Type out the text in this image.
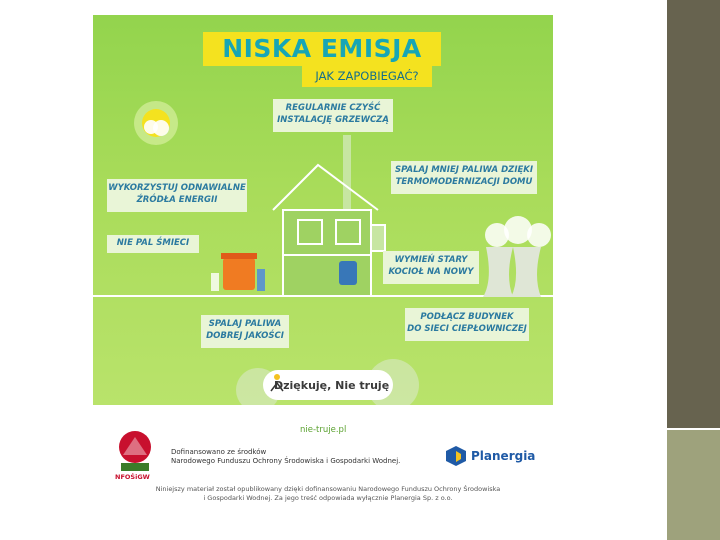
NISKA EMISJA
JAK ZAPOBIEGAĆ?
REGULARNIE CZYŚĆ
INSTALACJĘ GRZEWCZĄ
WYKORZYSTUJ ODNAWIALNE
ŹRÓDŁA ENERGII
SPALAJ MNIEJ PALIWA DZIĘKI
TERMOMODERNIZACJI DOMU
NIE PAL ŚMIECI
WYMIEŃ STARY
KOCIOŁ NA NOWY
SPALAJ PALIWA
DOBREJ JAKOŚCI
PODŁĄCZ BUDYNEK
DO SIECI CIEPŁOWNICZEJ
Dziękuję, Nie truję
nie-truje.pl
NFOŚiGW
Dofinansowano ze środków
Narodowego Funduszu Ochrony Środowiska i Gospodarki Wodnej.	Planergia
Niniejszy materiał został opublikowany dzięki dofinansowaniu Narodowego Funduszu Ochrony Środowiska
i Gospodarki Wodnej. Za jego treść odpowiada wyłącznie Planergia Sp. z o.o.
